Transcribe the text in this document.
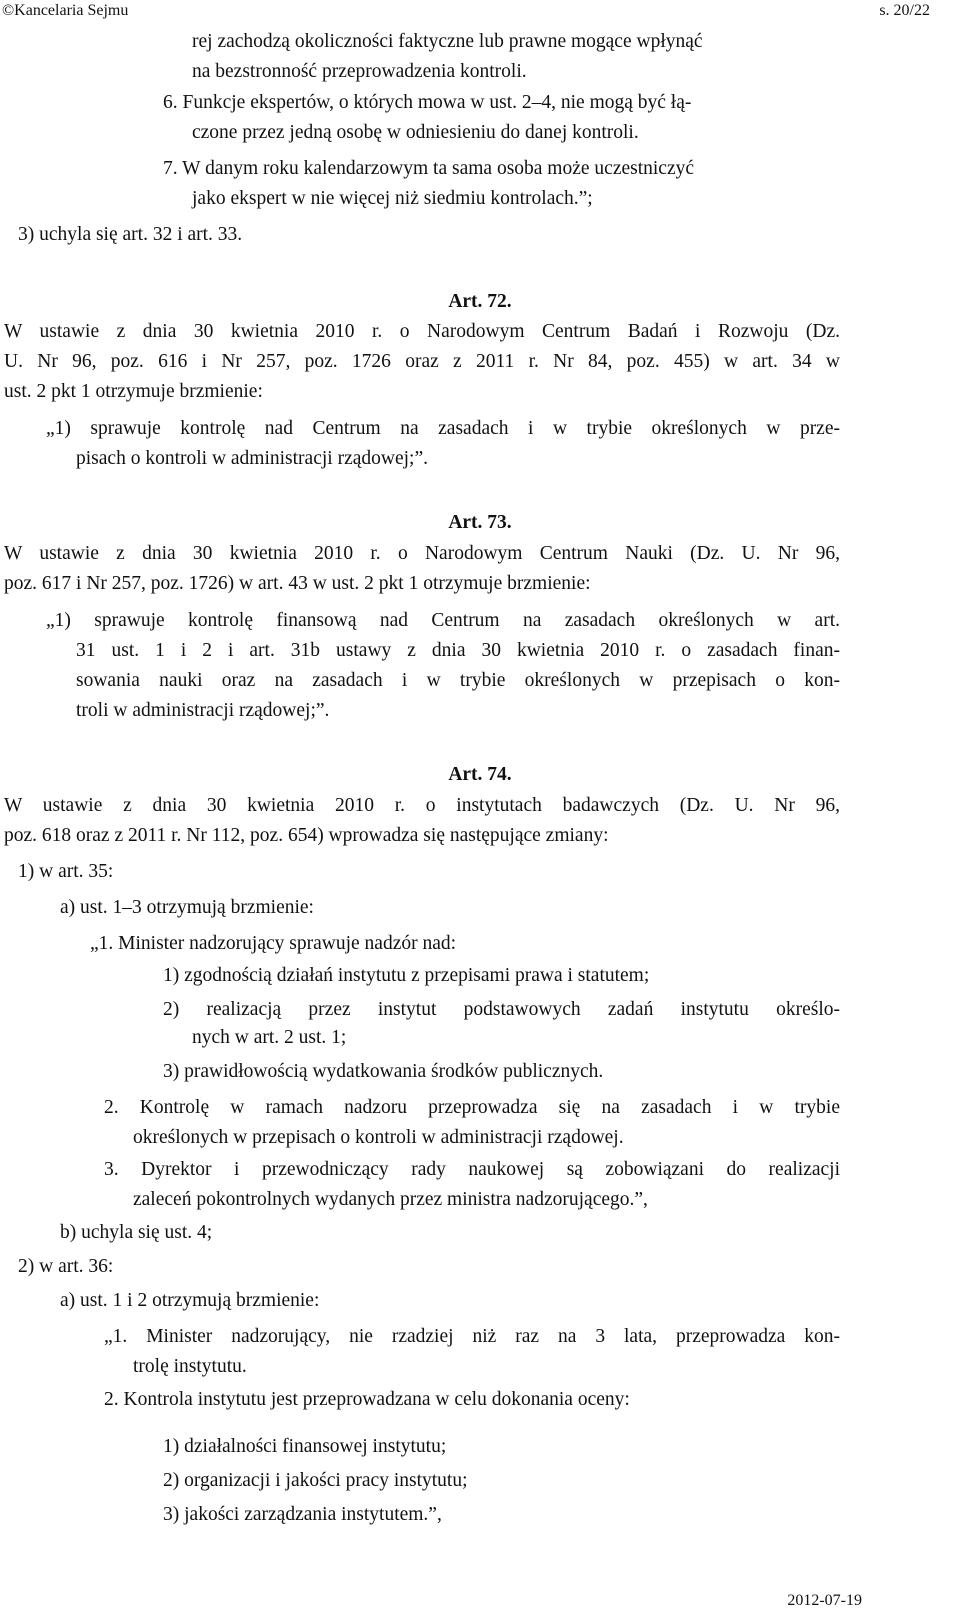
©Kancelaria Sejmu	s. 20/22
rej zachodzą okoliczności faktyczne lub prawne mogące wpłynąć
na bezstronność przeprowadzenia kontroli.
6. Funkcje ekspertów, o których mowa w ust. 2–4, nie mogą być łą-
czone przez jedną osobę w odniesieniu do danej kontroli.
7. W danym roku kalendarzowym ta sama osoba może uczestniczyć
jako ekspert w nie więcej niż siedmiu kontrolach.”;
3) uchyla się art. 32 i art. 33.
Art. 72.
W ustawie z dnia 30 kwietnia 2010 r. o Narodowym Centrum Badań i Rozwoju (Dz.
U. Nr 96, poz. 616 i Nr 257, poz. 1726 oraz z 2011 r. Nr 84, poz. 455) w art. 34 w
ust. 2 pkt 1 otrzymuje brzmienie:
„1) sprawuje kontrolę nad Centrum na zasadach i w trybie określonych w prze-
pisach o kontroli w administracji rządowej;”.
Art. 73.
W ustawie z dnia 30 kwietnia 2010 r. o Narodowym Centrum Nauki (Dz. U. Nr 96,
poz. 617 i Nr 257, poz. 1726) w art. 43 w ust. 2 pkt 1 otrzymuje brzmienie:
„1) sprawuje kontrolę finansową nad Centrum na zasadach określonych w art.
31 ust. 1 i 2 i art. 31b ustawy z dnia 30 kwietnia 2010 r. o zasadach finan-
sowania nauki oraz na zasadach i w trybie określonych w przepisach o kon-
troli w administracji rządowej;”.
Art. 74.
W ustawie z dnia 30 kwietnia 2010 r. o instytutach badawczych (Dz. U. Nr 96,
poz. 618 oraz z 2011 r. Nr 112, poz. 654) wprowadza się następujące zmiany:
1) w art. 35:
a) ust. 1–3 otrzymują brzmienie:
„1. Minister nadzorujący sprawuje nadzór nad:
1) zgodnością działań instytutu z przepisami prawa i statutem;
2) realizacją przez instytut podstawowych zadań instytutu określo-
nych w art. 2 ust. 1;
3) prawidłowością wydatkowania środków publicznych.
2. Kontrolę w ramach nadzoru przeprowadza się na zasadach i w trybie
określonych w przepisach o kontroli w administracji rządowej.
3. Dyrektor i przewodniczący rady naukowej są zobowiązani do realizacji
zaleceń pokontrolnych wydanych przez ministra nadzorującego.”,
b) uchyla się ust. 4;
2) w art. 36:
a) ust. 1 i 2 otrzymują brzmienie:
„1. Minister nadzorujący, nie rzadziej niż raz na 3 lata, przeprowadza kon-
trolę instytutu.
2. Kontrola instytutu jest przeprowadzana w celu dokonania oceny:
1) działalności finansowej instytutu;
2) organizacji i jakości pracy instytutu;
3) jakości zarządzania instytutem.”,
2012-07-19
